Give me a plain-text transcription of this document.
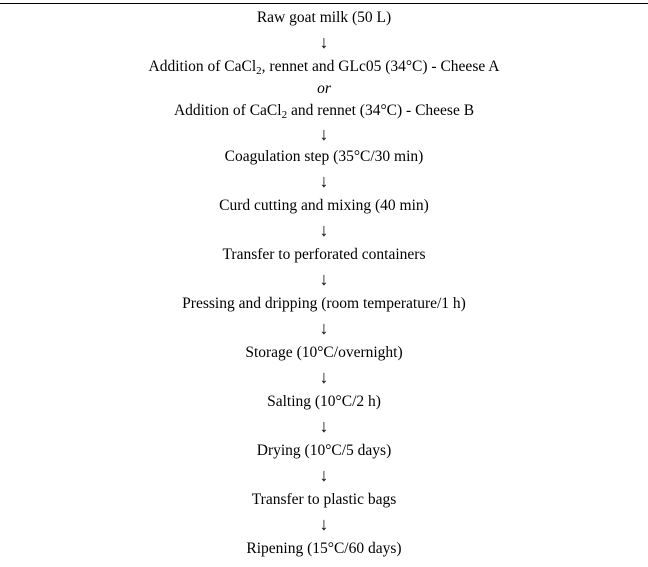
Raw goat milk (50 L)
↓
Addition of CaCl$_2$, rennet and GLc05 (34°C) - Cheese A
or
Addition of CaCl$_2$ and rennet (34°C) - Cheese B
↓
Coagulation step (35°C/30 min)
↓
Curd cutting and mixing (40 min)
↓
Transfer to perforated containers
↓
Pressing and dripping (room temperature/1 h)
↓
Storage (10°C/overnight)
↓
Salting (10°C/2 h)
↓
Drying (10°C/5 days)
↓
Transfer to plastic bags
↓
Ripening (15°C/60 days)
